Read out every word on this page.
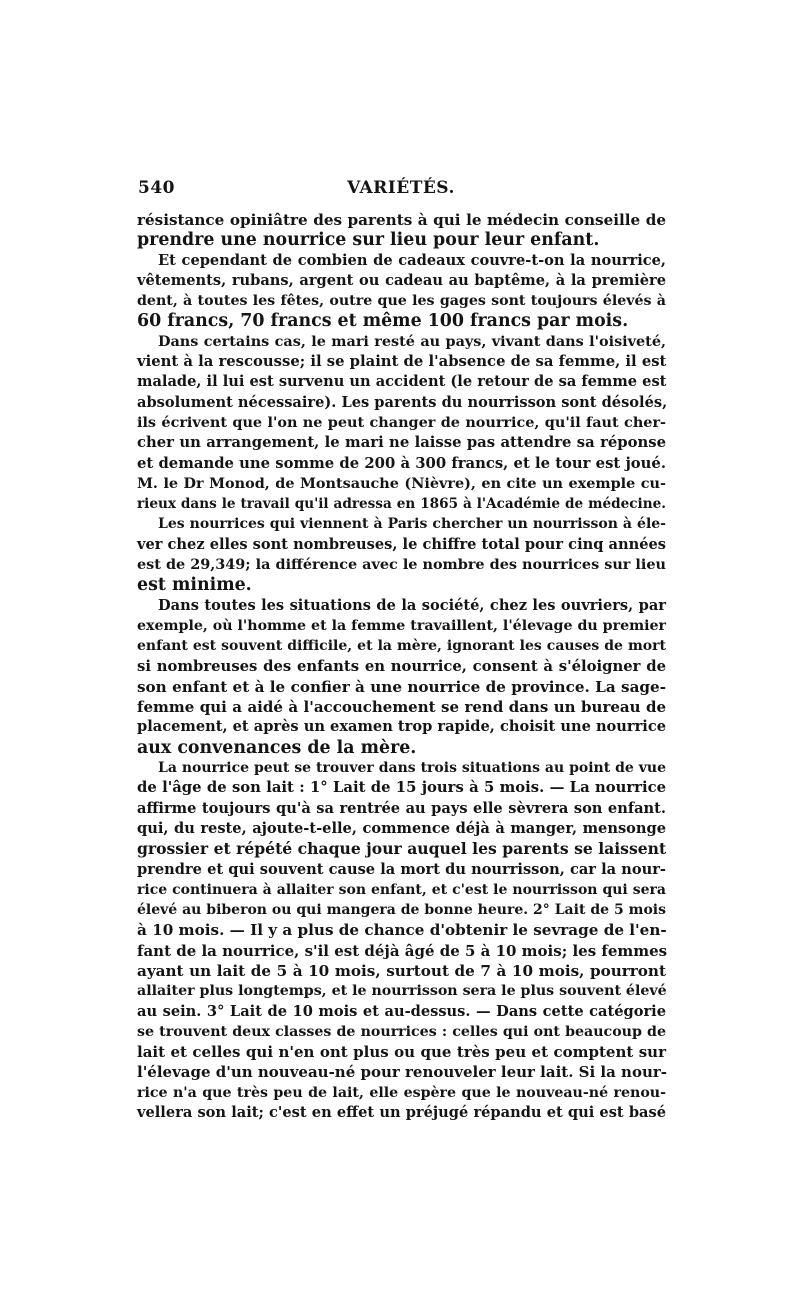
540	VARIÉTÉS.
résistance opiniâtre des parents à qui le médecin conseille de
prendre une nourrice sur lieu pour leur enfant.
Et cependant de combien de cadeaux couvre-t-on la nourrice,
vêtements, rubans, argent ou cadeau au baptême, à la première
dent, à toutes les fêtes, outre que les gages sont toujours élevés à
60 francs, 70 francs et même 100 francs par mois.
Dans certains cas, le mari resté au pays, vivant dans l'oisiveté,
vient à la rescousse; il se plaint de l'absence de sa femme, il est
malade, il lui est survenu un accident (le retour de sa femme est
absolument nécessaire). Les parents du nourrisson sont désolés,
ils écrivent que l'on ne peut changer de nourrice, qu'il faut cher-
cher un arrangement, le mari ne laisse pas attendre sa réponse
et demande une somme de 200 à 300 francs, et le tour est joué.
M. le Dr Monod, de Montsauche (Nièvre), en cite un exemple cu-
rieux dans le travail qu'il adressa en 1865 à l'Académie de médecine.
Les nourrices qui viennent à Paris chercher un nourrisson à éle-
ver chez elles sont nombreuses, le chiffre total pour cinq années
est de 29,349; la différence avec le nombre des nourrices sur lieu
est minime.
Dans toutes les situations de la société, chez les ouvriers, par
exemple, où l'homme et la femme travaillent, l'élevage du premier
enfant est souvent difficile, et la mère, ignorant les causes de mort
si nombreuses des enfants en nourrice, consent à s'éloigner de
son enfant et à le confier à une nourrice de province. La sage-
femme qui a aidé à l'accouchement se rend dans un bureau de
placement, et après un examen trop rapide, choisit une nourrice
aux convenances de la mère.
La nourrice peut se trouver dans trois situations au point de vue
de l'âge de son lait : 1° Lait de 15 jours à 5 mois. — La nourrice
affirme toujours qu'à sa rentrée au pays elle sèvrera son enfant.
qui, du reste, ajoute-t-elle, commence déjà à manger, mensonge
grossier et répété chaque jour auquel les parents se laissent
prendre et qui souvent cause la mort du nourrisson, car la nour-
rice continuera à allaiter son enfant, et c'est le nourrisson qui sera
élevé au biberon ou qui mangera de bonne heure. 2° Lait de 5 mois
à 10 mois. — Il y a plus de chance d'obtenir le sevrage de l'en-
fant de la nourrice, s'il est déjà âgé de 5 à 10 mois; les femmes
ayant un lait de 5 à 10 mois, surtout de 7 à 10 mois, pourront
allaiter plus longtemps, et le nourrisson sera le plus souvent élevé
au sein. 3° Lait de 10 mois et au-dessus. — Dans cette catégorie
se trouvent deux classes de nourrices : celles qui ont beaucoup de
lait et celles qui n'en ont plus ou que très peu et comptent sur
l'élevage d'un nouveau-né pour renouveler leur lait. Si la nour-
rice n'a que très peu de lait, elle espère que le nouveau-né renou-
vellera son lait; c'est en effet un préjugé répandu et qui est basé
